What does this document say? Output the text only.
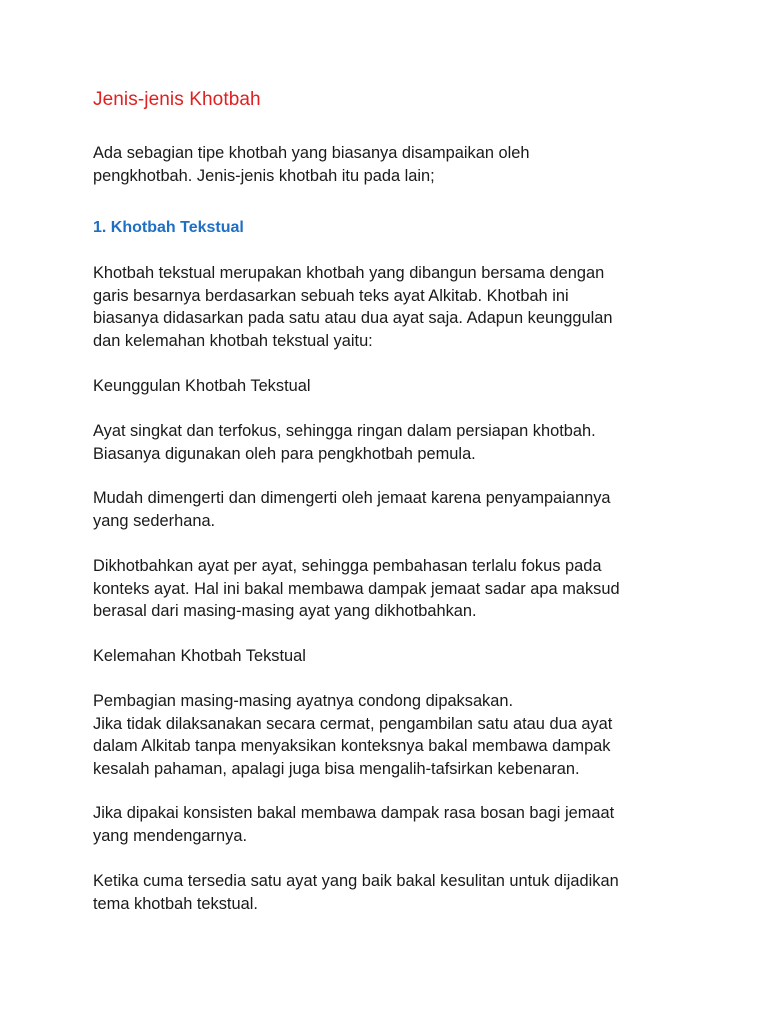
Jenis-jenis Khotbah

Ada sebagian tipe khotbah yang biasanya disampaikan oleh
pengkhotbah. Jenis-jenis khotbah itu pada lain;

1. Khotbah Tekstual

Khotbah tekstual merupakan khotbah yang dibangun bersama dengan
garis besarnya berdasarkan sebuah teks ayat Alkitab. Khotbah ini
biasanya didasarkan pada satu atau dua ayat saja. Adapun keunggulan
dan kelemahan khotbah tekstual yaitu:

Keunggulan Khotbah Tekstual

Ayat singkat dan terfokus, sehingga ringan dalam persiapan khotbah.
Biasanya digunakan oleh para pengkhotbah pemula.

Mudah dimengerti dan dimengerti oleh jemaat karena penyampaiannya
yang sederhana.

Dikhotbahkan ayat per ayat, sehingga pembahasan terlalu fokus pada
konteks ayat. Hal ini bakal membawa dampak jemaat sadar apa maksud
berasal dari masing-masing ayat yang dikhotbahkan.

Kelemahan Khotbah Tekstual

Pembagian masing-masing ayatnya condong dipaksakan.
Jika tidak dilaksanakan secara cermat, pengambilan satu atau dua ayat
dalam Alkitab tanpa menyaksikan konteksnya bakal membawa dampak
kesalah pahaman, apalagi juga bisa mengalih-tafsirkan kebenaran.

Jika dipakai konsisten bakal membawa dampak rasa bosan bagi jemaat
yang mendengarnya.

Ketika cuma tersedia satu ayat yang baik bakal kesulitan untuk dijadikan
tema khotbah tekstual.
